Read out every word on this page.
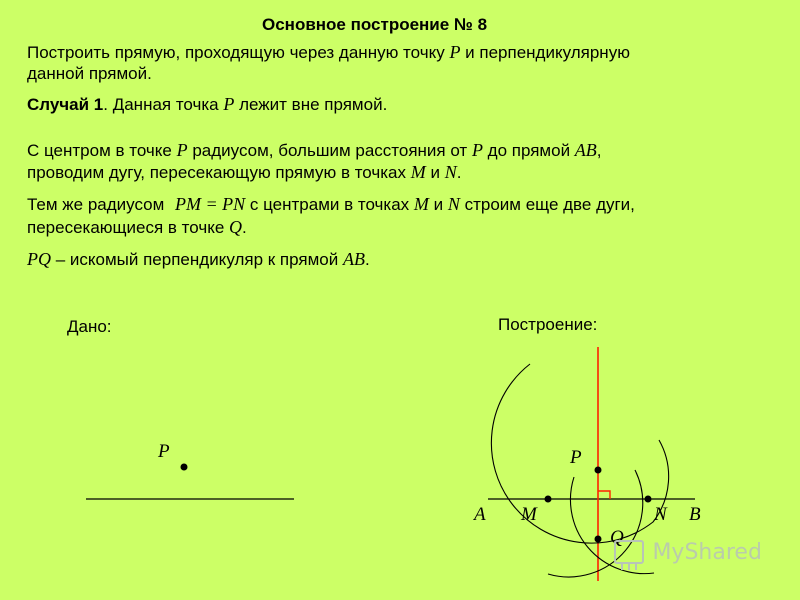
Основное построение № 8
Построить прямую, проходящую через данную точку P и перпендикулярную
данной прямой.
Случай 1. Данная точка P лежит вне прямой.
С центром в точке P радиусом, большим расстояния от P до прямой AB,
проводим дугу, пересекающую прямую в точках M и N.
Тем же радиусом PM = PN с центрами в точках M и N строим еще две дуги,
пересекающиеся в точке Q.
PQ – искомый перпендикуляр к прямой AB.
Дано:
P
Построение:
P
A M	N B
Q
MyShared
